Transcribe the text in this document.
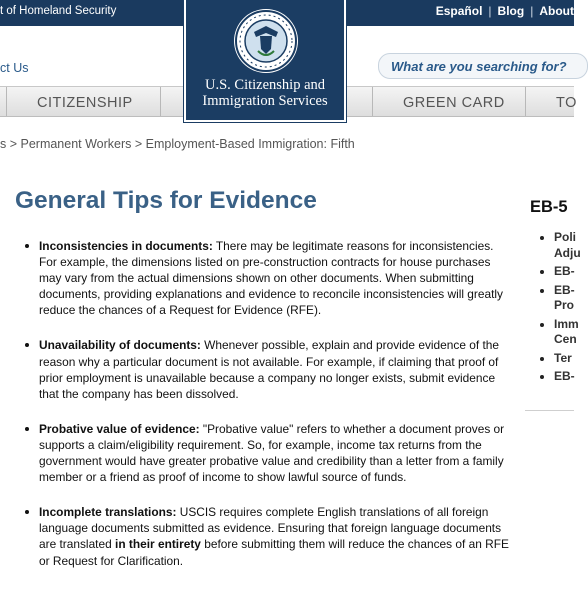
t of Homeland Security	Español | Blog | About
ct Us	What are you searching for?
CITIZENSHIP	GREEN CARD	TO
U.S. Citizenship and
Immigration Services
s > Permanent Workers > Employment-Based Immigration: Fifth
General Tips for Evidence
Inconsistencies in documents: There may be legitimate reasons for inconsistencies. For example, the dimensions listed on pre-construction contracts for house purchases may vary from the actual dimensions shown on other documents. When submitting documents, providing explanations and evidence to reconcile inconsistencies will greatly reduce the chances of a Request for Evidence (RFE).
Unavailability of documents: Whenever possible, explain and provide evidence of the reason why a particular document is not available. For example, if claiming that proof of prior employment is unavailable because a company no longer exists, submit evidence that the company has been dissolved.
Probative value of evidence: "Probative value" refers to whether a document proves or supports a claim/eligibility requirement. So, for example, income tax returns from the government would have greater probative value and credibility than a letter from a family member or a friend as proof of income to show lawful source of funds.
Incomplete translations: USCIS requires complete English translations of all foreign language documents submitted as evidence. Ensuring that foreign language documents are translated in their entirety before submitting them will reduce the chances of an RFE or Request for Clarification.
EB-5
Poli
Adju
EB-
EB-
Pro
Imm
Cen
Ter
EB-
